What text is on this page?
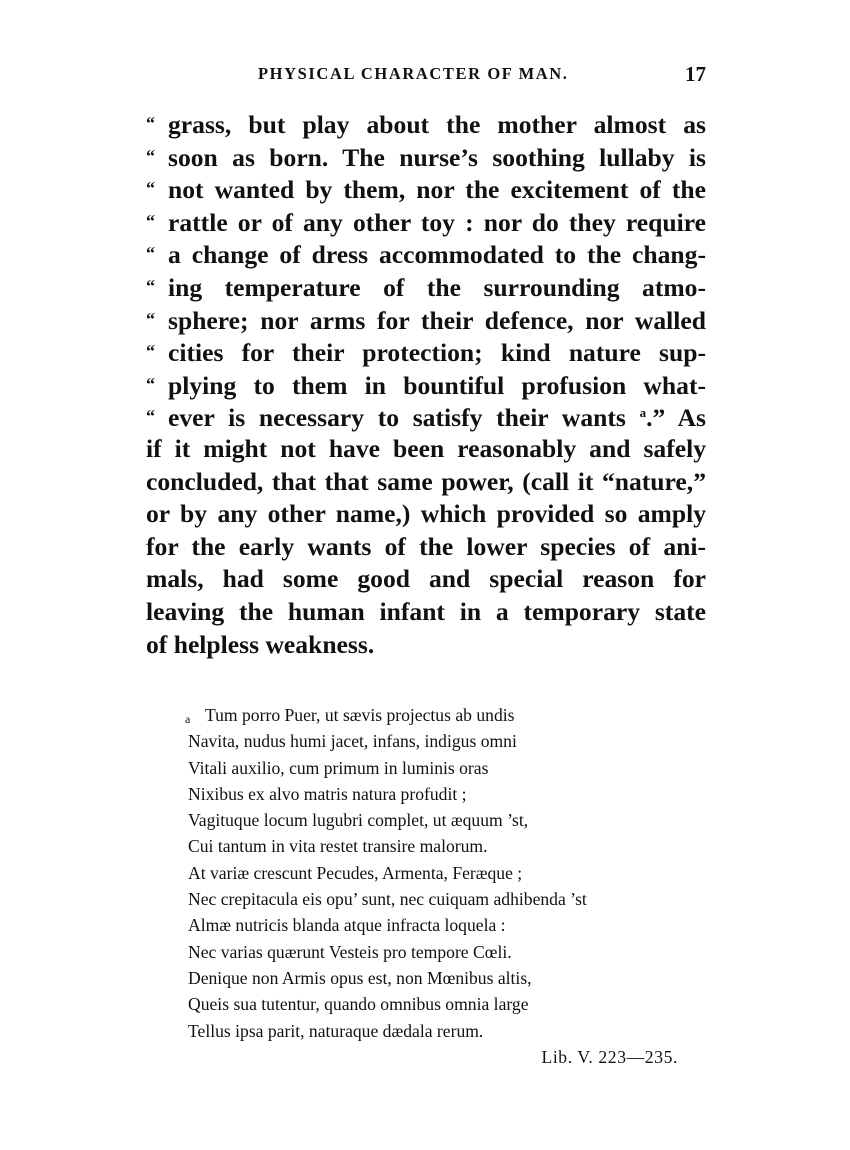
PHYSICAL CHARACTER OF MAN.	17
“ grass, but play about the mother almost as
“ soon as born. The nurse’s soothing lullaby is
“ not wanted by them, nor the excitement of the
“ rattle or of any other toy : nor do they require
“ a change of dress accommodated to the chang-
“ ing temperature of the surrounding atmo-
“ sphere; nor arms for their defence, nor walled
“ cities for their protection; kind nature sup-
“ plying to them in bountiful profusion what-
“ ever is necessary to satisfy their wants $^a$.” As
if it might not have been reasonably and safely
concluded, that that same power, (call it “nature,”
or by any other name,) which provided so amply
for the early wants of the lower species of ani-
mals, had some good and special reason for
leaving the human infant in a temporary state
of helpless weakness.
a Tum porro Puer, ut sævis projectus ab undis
Navita, nudus humi jacet, infans, indigus omni
Vitali auxilio, cum primum in luminis oras
Nixibus ex alvo matris natura profudit ;
Vagituque locum lugubri complet, ut æquum ’st,
Cui tantum in vita restet transire malorum.
At variæ crescunt Pecudes, Armenta, Feræque ;
Nec crepitacula eis opu’ sunt, nec cuiquam adhibenda ’st
Almæ nutricis blanda atque infracta loquela :
Nec varias quærunt Vesteis pro tempore Cœli.
Denique non Armis opus est, non Mœnibus altis,
Queis sua tutentur, quando omnibus omnia large
Tellus ipsa parit, naturaque dædala rerum.
Lib. V. 223—235.
